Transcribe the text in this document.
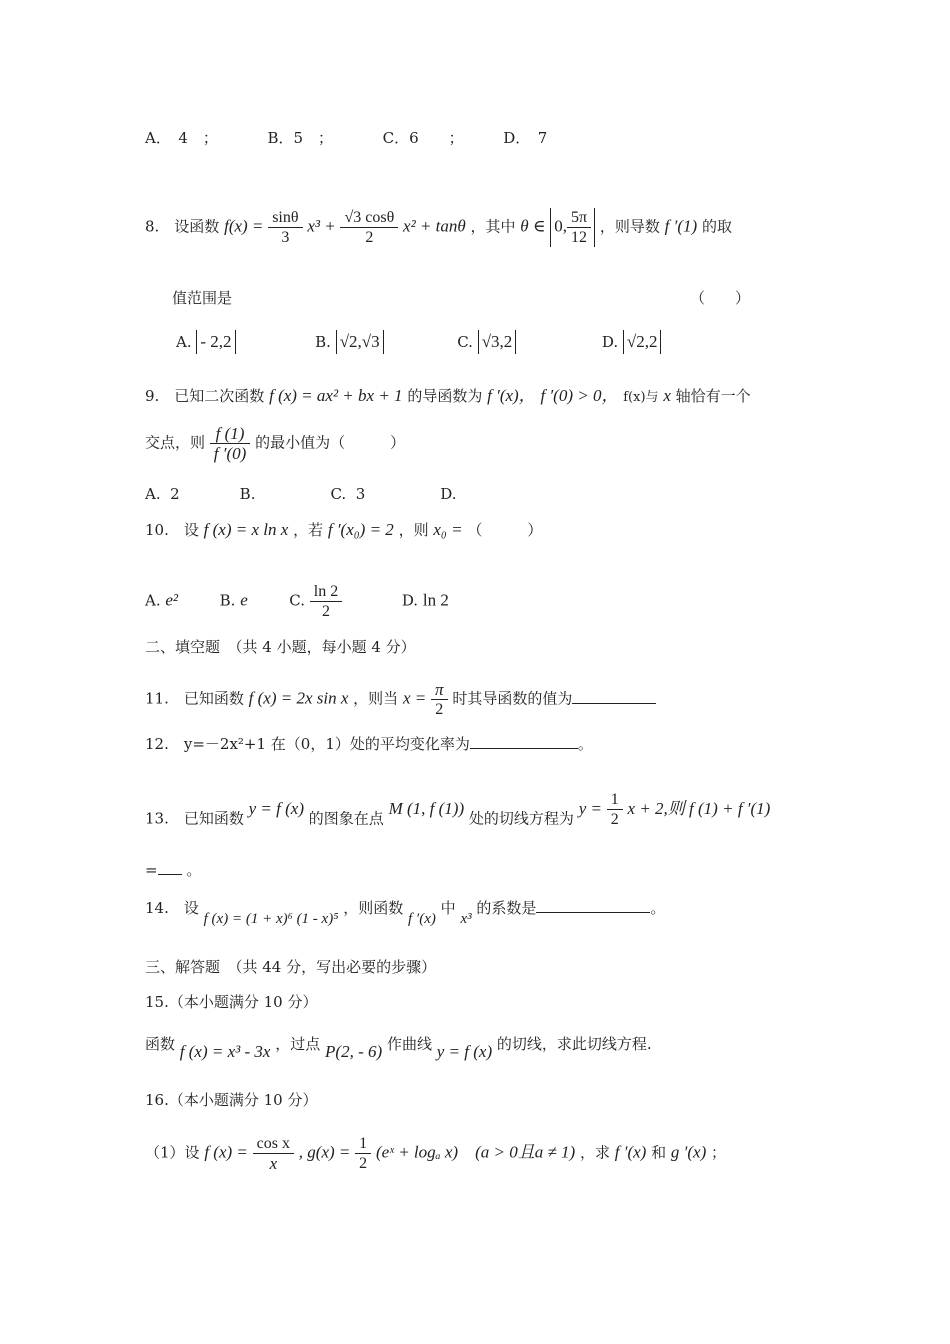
A．　4　；	B．5　；	C．6　　；	D．　7
8.　设函数 $f(x) = \frac{\sin\theta}{3} x^3 + \frac{√3 \cos\theta}{2} x^2 + \tan\theta$ ，其中 θ ∈ 0, $\frac{5\pi}{12}$ ，则导数 f ′(1) 的取
值范围是	（　　）
A. - 2,2	B. √2,√3	C. √3,2	D. √2,2
9.　已知二次函数 f (x) = ax² + bx + 1 的导函数为 f ′(x)， f ′(0) > 0， f(x)与 x 轴恰有一个
交点，则 $\frac{f (1)}{f '(0)}$ 的最小值为（　　　）
A.  2　　　　B.　　　　　C.  3　　　　　D.
10.　设 f (x) = x ln x ，若 f ′(x₀) = 2 ，则 x₀ = （　　　）
A. e²	B. e	C. $\frac{\ln 2}{2}$	D. ln 2
二、填空题　（共 4 小题，每小题 4 分）
11.　已知函数 f (x) = 2x sin x ，则当 $x = \frac{\pi}{2}$ 时其导函数的值为
12.　y=－2x²+1 在（0，1）处的平均变化率为	。
13.　已知函数 y = f (x) 的图象在点 M (1, f (1)) 处的切线方程为 $y = \frac{1}{2}$ x + 2,则 f (1) + f ′(1)
= 。
14.　设 f (x) = (1 + x)⁶ (1 - x)⁵ ，则函数 f ′(x) 中 x³ 的系数是	。
三、解答题　（共 44 分，写出必要的步骤）
15.（本小题满分 10 分）
函数 f (x) = x³ - 3x ，过点 P(2, - 6) 作曲线 y = f (x) 的切线，求此切线方程.
16.（本小题满分 10 分）
（1）设 f $(x) = \frac{\text{cos x}}{x}$ , $g(x) = \frac{1}{2}$ (eˣ + logₐ x)　(a > 0且a ≠ 1) ，求 f ′(x) 和 g ′(x) ；
